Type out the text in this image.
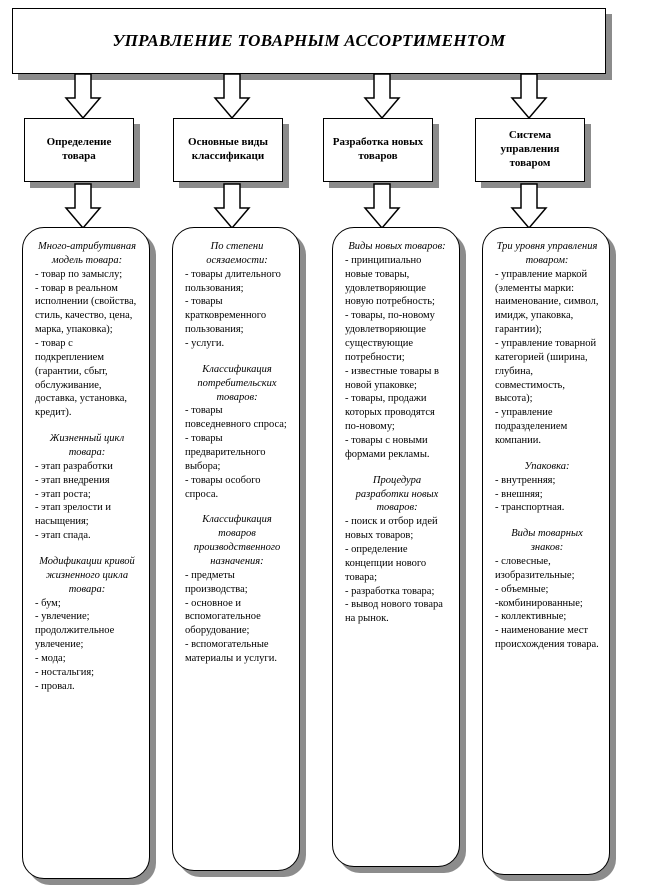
УПРАВЛЕНИЕ ТОВАРНЫМ АССОРТИМЕНТОМ
Определение товара
Основные виды классификаци
Разработка новых товаров
Система управления товаром
Много-атрибутивная модель товара:
- товар по замыслу;
- товар в реальном исполнении (свойства, стиль, качество, цена, марка, упаковка);
- товар с подкреплением (гарантии, сбыт, обслуживание, доставка, установка, кредит).
Жизненный цикл товара:
- этап разработки
- этап внедрения
- этап роста;
- этап зрелости и насыщения;
- этап спада.
Модификации кривой жизненного цикла товара:
- бум;
- увлечение;
продолжительное увлечение;
- мода;
- ностальгия;
- провал.
По степени осязаемости:
- товары длительного пользования;
- товары кратковременного пользования;
- услуги.
Классификация потребительских товаров:
- товары повседневного спроса;
- товары предварительного выбора;
- товары особого спроса.
Классификация товаров производственного назначения:
- предметы производства;
- основное и вспомогательное оборудование;
- вспомогательные материалы и услуги.
Виды новых товаров:
- принципиально новые товары, удовлетворяющие новую потребность;
- товары, по-новому удовлетворяющие существующие потребности;
- известные товары в новой упаковке;
- товары, продажи которых проводятся по-новому;
- товары с новыми формами рекламы.
Процедура разработки новых товаров:
- поиск и отбор идей новых товаров;
- определение концепции нового товара;
- разработка товара;
- вывод нового товара на рынок.
Три уровня управления товаром:
- управление маркой (элементы марки: наименование, символ, имидж, упаковка, гарантии);
- управление товарной категорией (ширина, глубина, совместимость, высота);
- управление подразделением компании.
Упаковка:
- внутренняя;
- внешняя;
- транспортная.
Виды товарных знаков:
- словесные, изобразительные;
- объемные;
-комбинированные;
- коллективные;
- наименование мест происхождения товара.
